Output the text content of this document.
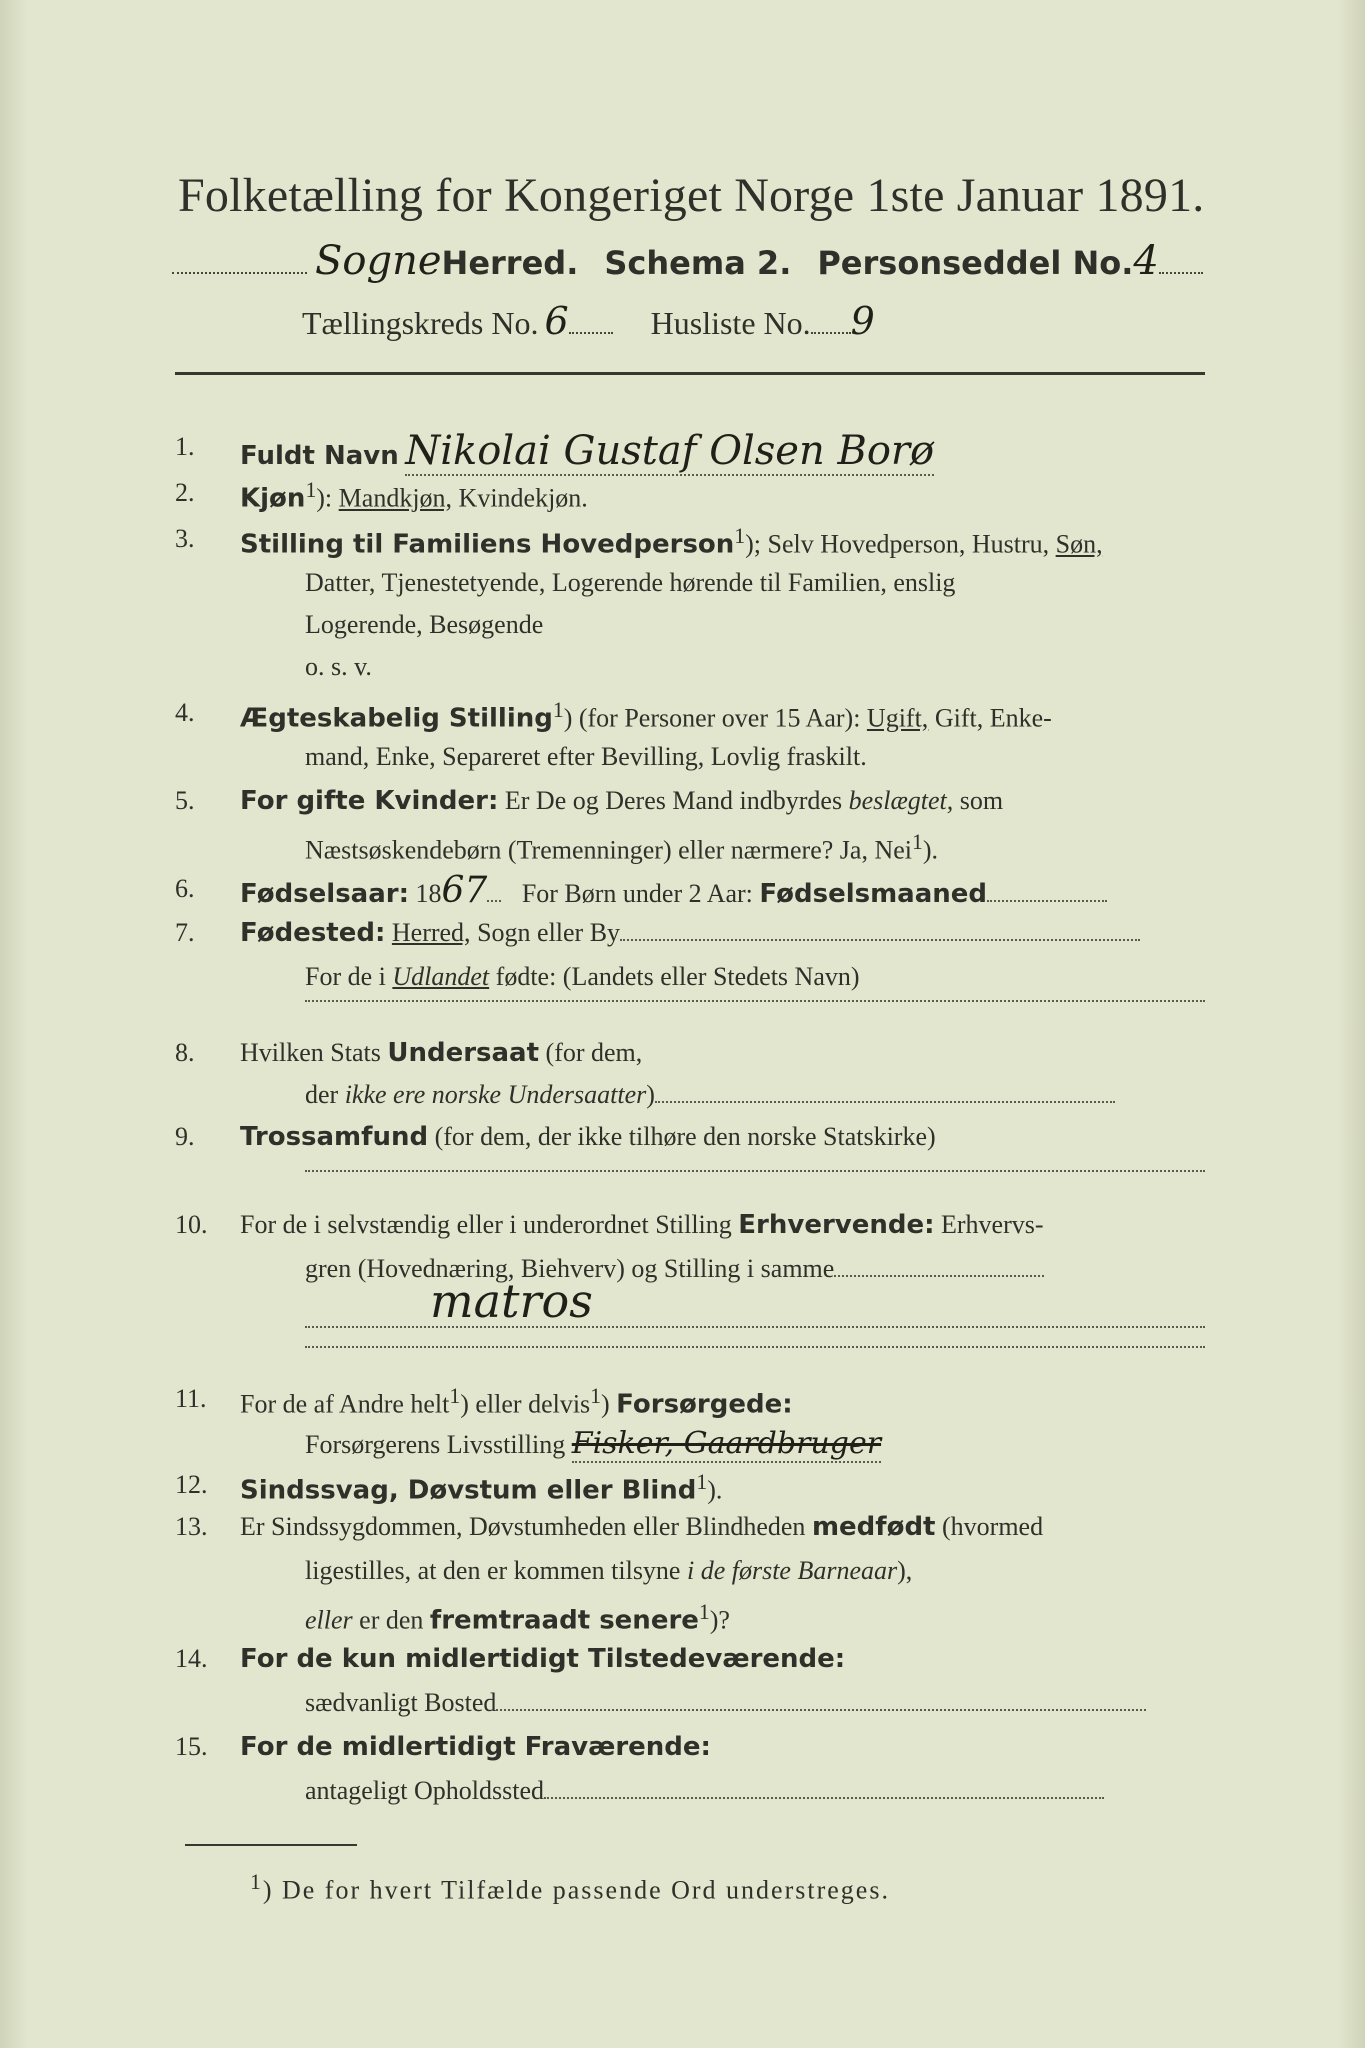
Folketælling for Kongeriget Norge 1ste Januar 1891.
SogneHerred. Schema 2. Personseddel No.4
Tællingskreds No. 6	Husliste No. 9
1.	Fuldt Navn Nikolai Gustaf Olsen Borø
2.	Kjøn$^1$): Mandkjøn, Kvindekjøn.
3.	Stilling til Familiens Hovedperson$^1$); Selv Hovedperson, Hustru, Søn,
Datter, Tjenestetyende, Logerende hørende til Familien, enslig
Logerende, Besøgende
o. s. v.
4.	Ægteskabelig Stilling$^1$) (for Personer over 15 Aar): Ugift, Gift, Enke-
mand, Enke, Separeret efter Bevilling, Lovlig fraskilt.
5.	For gifte Kvinder: Er De og Deres Mand indbyrdes beslægtet, som
Næstsøskendebørn (Tremenninger) eller nærmere? Ja, Nei$^1$).
6.	Fødselsaar: 1867 For Børn under 2 Aar: Fødselsmaaned
7.	Fødested: Herred, Sogn eller By
For de i Udlandet fødte: (Landets eller Stedets Navn)
8.	Hvilken Stats Undersaat (for dem,
der ikke ere norske Undersaatter)
9.	Trossamfund (for dem, der ikke tilhøre den norske Statskirke)
10.	For de i selvstændig eller i underordnet Stilling Erhvervende: Erhvervs-
gren (Hovednæring, Biehverv) og Stilling i samme
matros
11.	For de af Andre helt$^1$) eller delvis$^1$) Forsørgede:
Forsørgerens Livsstilling Fisker, Gaardbruger
12.	Sindssvag, Døvstum eller Blind$^1$).
13.	Er Sindssygdommen, Døvstumheden eller Blindheden medfødt (hvormed
ligestilles, at den er kommen tilsyne i de første Barneaar),
eller er den fremtraadt senere$^1$)?
14.	For de kun midlertidigt Tilstedeværende:
sædvanligt Bosted
15.	For de midlertidigt Fraværende:
antageligt Opholdssted
$^1$) De for hvert Tilfælde passende Ord understreges.
